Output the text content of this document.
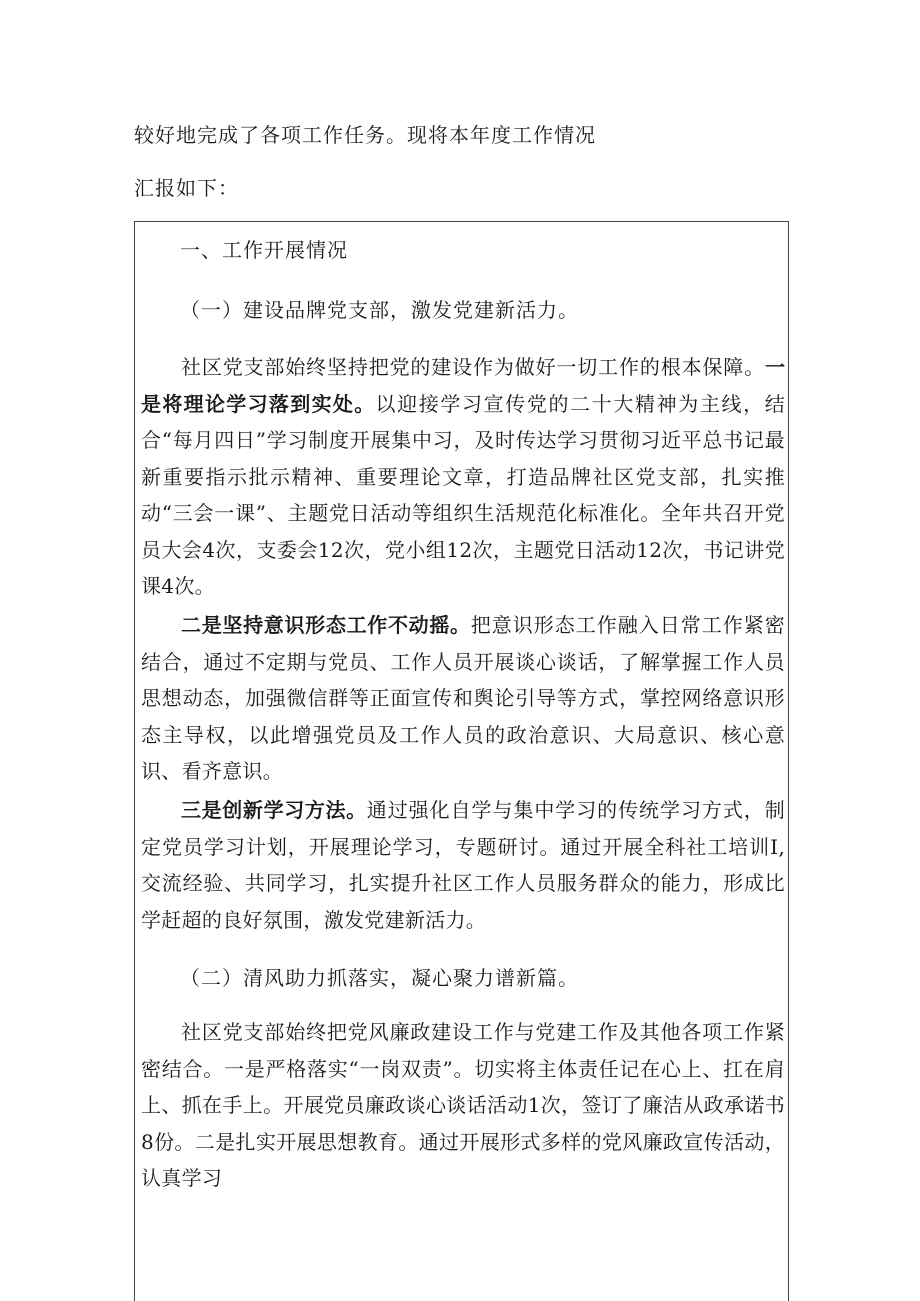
较好地完成了各项工作任务。现将本年度工作情况
汇报如下：
一、工作开展情况
（一）建设品牌党支部，激发党建新活力。
社区党支部始终坚持把党的建设作为做好一切工作的根本保障。一是将理论学习落到实处。以迎接学习宣传党的二十大精神为主线，结合“每月四日”学习制度开展集中习，及时传达学习贯彻习近平总书记最新重要指示批示精神、重要理论文章，打造品牌社区党支部，扎实推动“三会一课”、主题党日活动等组织生活规范化标准化。全年共召开党员大会4次，支委会12次，党小组12次，主题党日活动12次，书记讲党课4次。
二是坚持意识形态工作不动摇。把意识形态工作融入日常工作紧密结合，通过不定期与党员、工作人员开展谈心谈话，了解掌握工作人员思想动态，加强微信群等正面宣传和舆论引导等方式，掌控网络意识形态主导权，以此增强党员及工作人员的政治意识、大局意识、核心意识、看齐意识。
三是创新学习方法。通过强化自学与集中学习的传统学习方式，制定党员学习计划，开展理论学习，专题研讨。通过开展全科社工培训I,交流经验、共同学习，扎实提升社区工作人员服务群众的能力，形成比学赶超的良好氛围，激发党建新活力。
（二）清风助力抓落实，凝心聚力谱新篇。
社区党支部始终把党风廉政建设工作与党建工作及其他各项工作紧密结合。一是严格落实“一岗双责”。切实将主体责任记在心上、扛在肩上、抓在手上。开展党员廉政谈心谈话活动1次，签订了廉洁从政承诺书8份。二是扎实开展思想教育。通过开展形式多样的党风廉政宣传活动，认真学习
